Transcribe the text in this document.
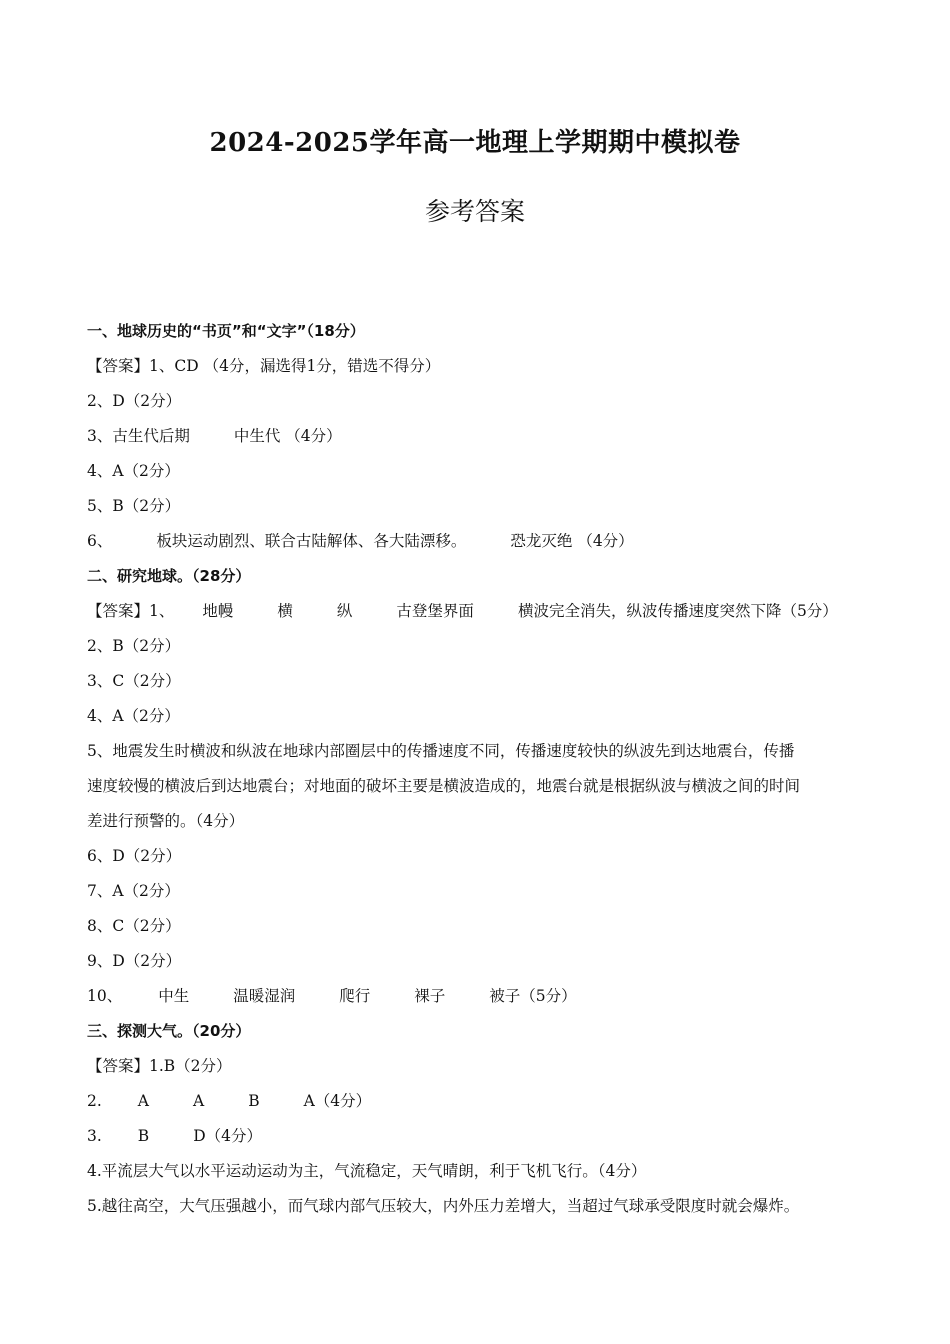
2024-2025学年高一地理上学期期中模拟卷
参考答案
一、地球历史的“书页”和“文字”（18分）
【答案】1、CD （4分，漏选得1分，错选不得分）
2、D（2分）
3、古生代后期	中生代 （4分）
4、A（2分）
5、B（2分）
6、	板块运动剧烈、联合古陆解体、各大陆漂移。	恐龙灭绝 （4分）
二、研究地球。（28分）
【答案】1、 地幔	横	纵	古登堡界面	横波完全消失，纵波传播速度突然下降（5分）
2、B（2分）
3、C（2分）
4、A（2分）
5、地震发生时横波和纵波在地球内部圈层中的传播速度不同，传播速度较快的纵波先到达地震台，传播
速度较慢的横波后到达地震台；对地面的破坏主要是横波造成的，地震台就是根据纵波与横波之间的时间
差进行预警的。（4分）
6、D（2分）
7、A（2分）
8、C（2分）
9、D（2分）
10、 中生	温暖湿润	爬行	裸子	被子（5分）
三、探测大气。（20分）
【答案】1.B（2分）
2. A	A	B	A（4分）
3. B	D（4分）
4.平流层大气以水平运动运动为主，气流稳定，天气晴朗，利于飞机飞行。（4分）
5.越往高空，大气压强越小，而气球内部气压较大，内外压力差增大，当超过气球承受限度时就会爆炸。
